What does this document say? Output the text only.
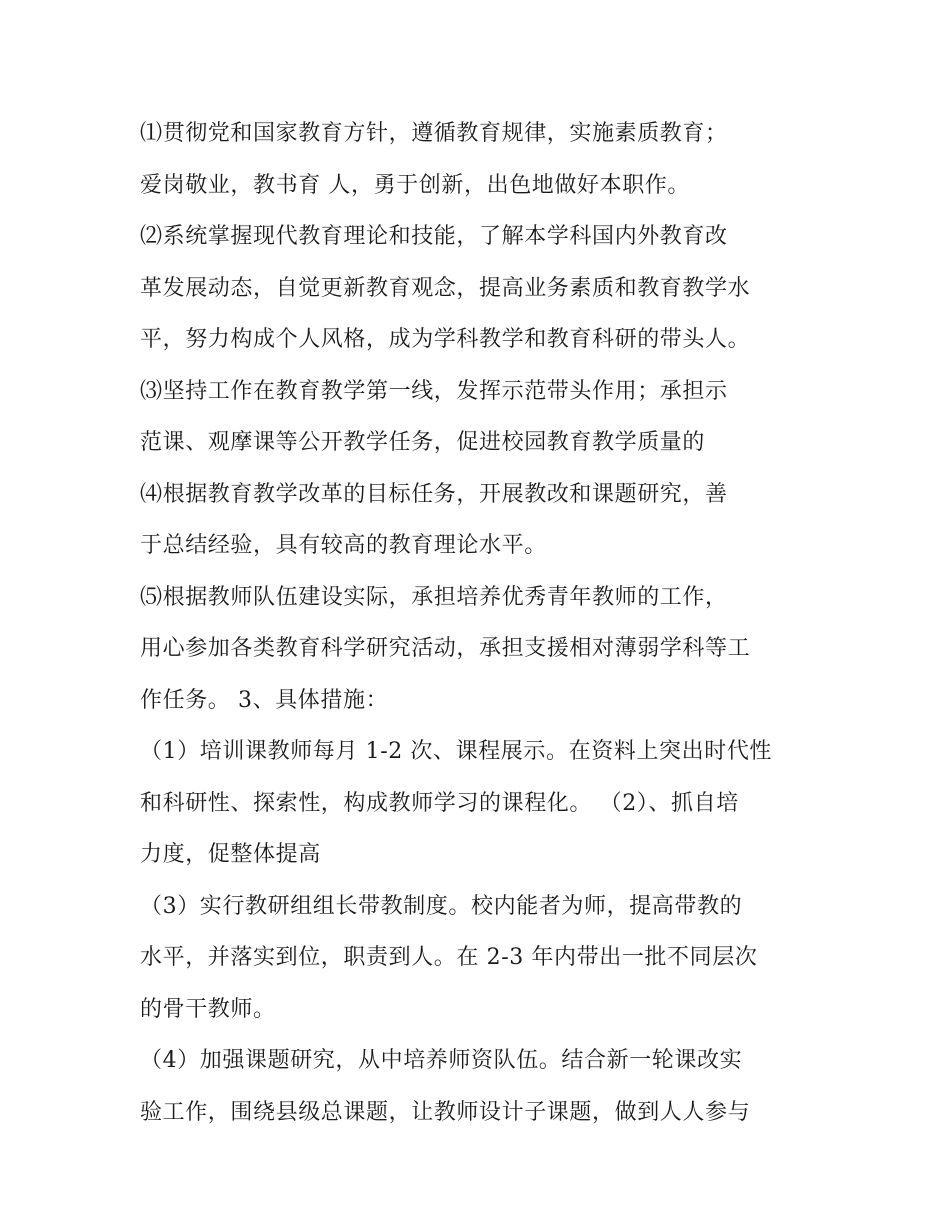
⑴贯彻党和国家教育方针，遵循教育规律，实施素质教育；
爱岗敬业，教书育 人，勇于创新，出色地做好本职作。
⑵系统掌握现代教育理论和技能，了解本学科国内外教育改
革发展动态，自觉更新教育观念，提高业务素质和教育教学水
平，努力构成个人风格，成为学科教学和教育科研的带头人。
⑶坚持工作在教育教学第一线，发挥示范带头作用；承担示
范课、观摩课等公开教学任务，促进校园教育教学质量的
⑷根据教育教学改革的目标任务，开展教改和课题研究，善
于总结经验，具有较高的教育理论水平。
⑸根据教师队伍建设实际，承担培养优秀青年教师的工作，
用心参加各类教育科学研究活动，承担支援相对薄弱学科等工
作任务。 3、具体措施：
（1）培训课教师每月 1-2 次、课程展示。在资料上突出时代性
和科研性、探索性，构成教师学习的课程化。 （2）、抓自培
力度，促整体提高
（3）实行教研组组长带教制度。校内能者为师，提高带教的
水平，并落实到位，职责到人。在 2-3 年内带出一批不同层次
的骨干教师。
（4）加强课题研究，从中培养师资队伍。结合新一轮课改实
验工作，围绕县级总课题，让教师设计子课题，做到人人参与
